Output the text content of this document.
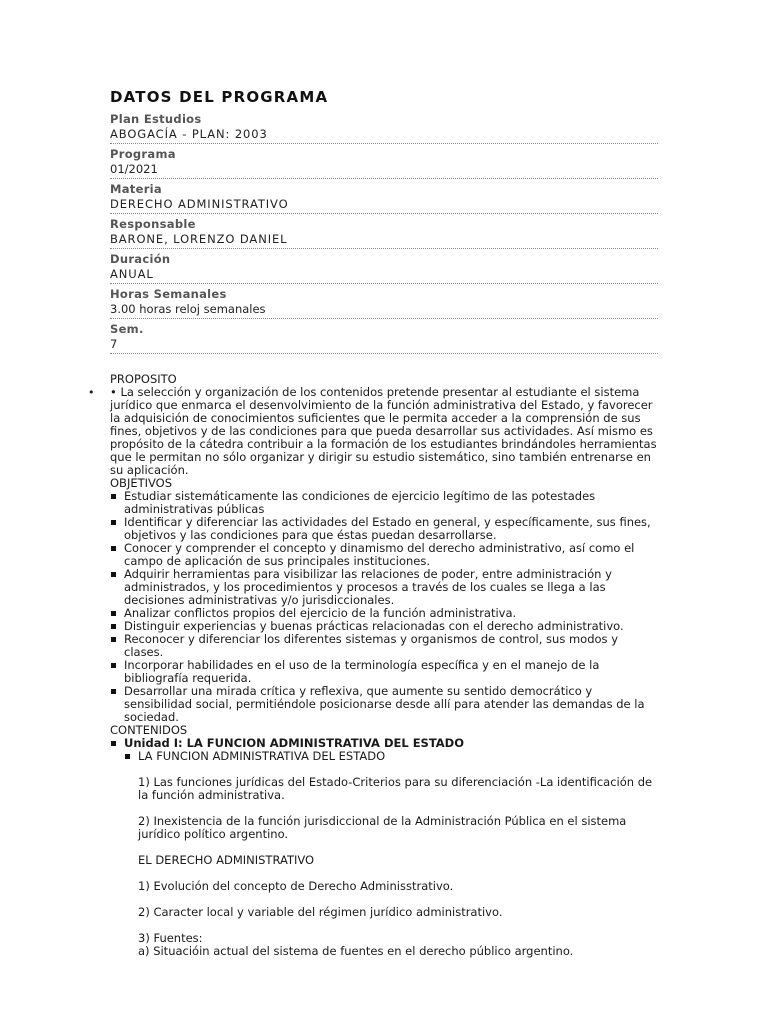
DATOS DEL PROGRAMA
Plan Estudios
ABOGACÍA - PLAN: 2003
Programa
01/2021
Materia
DERECHO ADMINISTRATIVO
Responsable
BARONE, LORENZO DANIEL
Duración
ANUAL
Horas Semanales
3.00 horas reloj semanales
Sem.
7
PROPOSITO
• • La selección y organización de los contenidos pretende presentar al estudiante el sistema jurídico que enmarca el desenvolvimiento de la función administrativa del Estado, y favorecer la adquisición de conocimientos suficientes que le permita acceder a la comprensión de sus fines, objetivos y de las condiciones para que pueda desarrollar sus actividades. Así mismo es propósito de la cátedra contribuir a la formación de los estudiantes brindándoles herramientas que le permitan no sólo organizar y dirigir su estudio sistemático, sino también entrenarse en su aplicación.
OBJETIVOS
Estudiar sistemáticamente las condiciones de ejercicio legítimo de las potestades administrativas públicas
Identificar y diferenciar las actividades del Estado en general, y específicamente, sus fines, objetivos y las condiciones para que éstas puedan desarrollarse.
Conocer y comprender el concepto y dinamismo del derecho administrativo, así como el campo de aplicación de sus principales instituciones.
Adquirir herramientas para visibilizar las relaciones de poder, entre administración y administrados, y los procedimientos y procesos a través de los cuales se llega a las decisiones administrativas y/o jurisdiccionales.
Analizar conflictos propios del ejercicio de la función administrativa.
Distinguir experiencias y buenas prácticas relacionadas con el derecho administrativo.
Reconocer y diferenciar los diferentes sistemas y organismos de control, sus modos y clases.
Incorporar habilidades en el uso de la terminología específica y en el manejo de la bibliografía requerida.
Desarrollar una mirada crítica y reflexiva, que aumente su sentido democrático y sensibilidad social, permitiéndole posicionarse desde allí para atender las demandas de la sociedad.
CONTENIDOS
Unidad I: LA FUNCION ADMINISTRATIVA DEL ESTADO
LA FUNCION ADMINISTRATIVA DEL ESTADO

1) Las funciones jurídicas del Estado-Criterios para su diferenciación -La identificación de la función administrativa.

2) Inexistencia de la función jurisdiccional de la Administración Pública en el sistema jurídico político argentino.

EL DERECHO ADMINISTRATIVO

1) Evolución del concepto de Derecho Adminisstrativo.

2) Caracter local y variable del régimen jurídico administrativo.

3) Fuentes:

a) Situacióin actual del sistema de fuentes en el derecho público argentino.
